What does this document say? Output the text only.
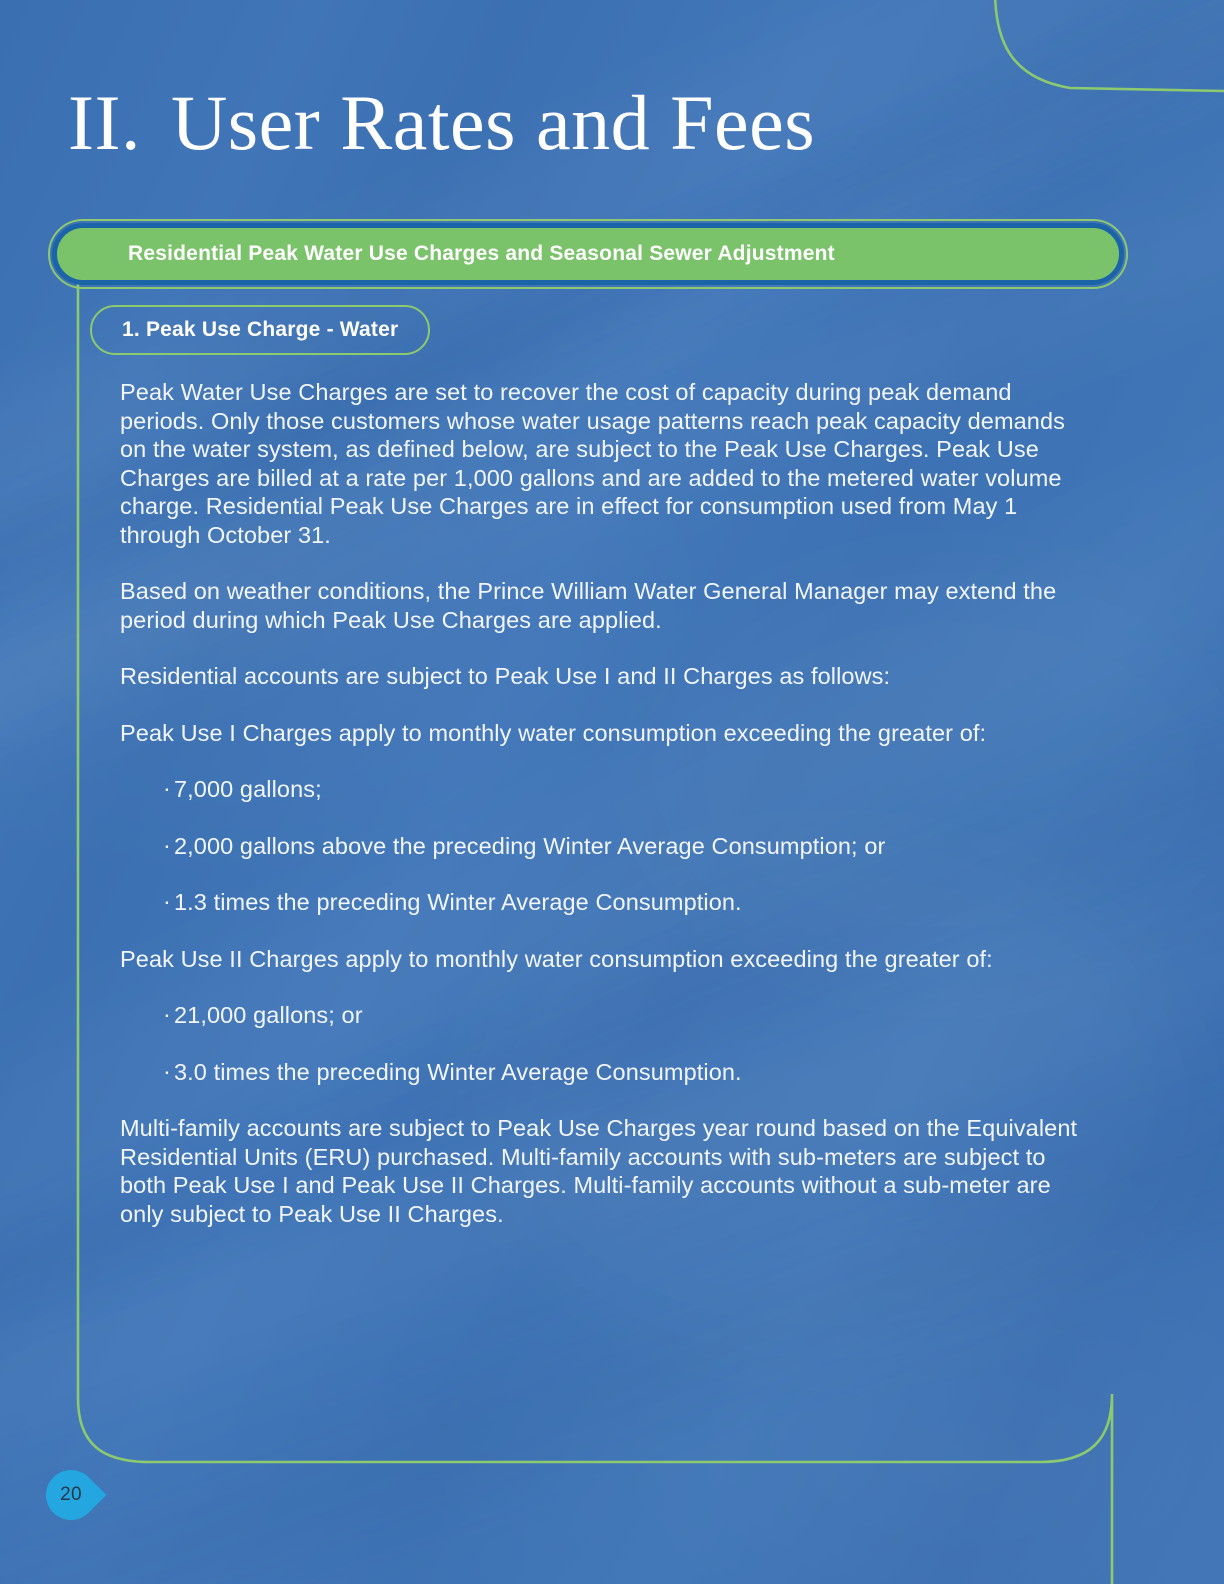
II. User Rates and Fees
Residential Peak Water Use Charges and Seasonal Sewer Adjustment
1. Peak Use Charge - Water

Peak Water Use Charges are set to recover the cost of capacity during peak demand periods. Only those customers whose water usage patterns reach peak capacity demands on the water system, as defined below, are subject to the Peak Use Charges. Peak Use Charges are billed at a rate per 1,000 gallons and are added to the metered water volume charge. Residential Peak Use Charges are in effect for consumption used from May 1 through October 31.

Based on weather conditions, the Prince William Water General Manager may extend the period during which Peak Use Charges are applied.

Residential accounts are subject to Peak Use I and II Charges as follows:

Peak Use I Charges apply to monthly water consumption exceeding the greater of:

· 7,000 gallons;
· 2,000 gallons above the preceding Winter Average Consumption; or
· 1.3 times the preceding Winter Average Consumption.

Peak Use II Charges apply to monthly water consumption exceeding the greater of:

· 21,000 gallons; or
· 3.0 times the preceding Winter Average Consumption.

Multi-family accounts are subject to Peak Use Charges year round based on the Equivalent Residential Units (ERU) purchased. Multi-family accounts with sub-meters are subject to both Peak Use I and Peak Use II Charges. Multi-family accounts without a sub-meter are only subject to Peak Use II Charges.

20
